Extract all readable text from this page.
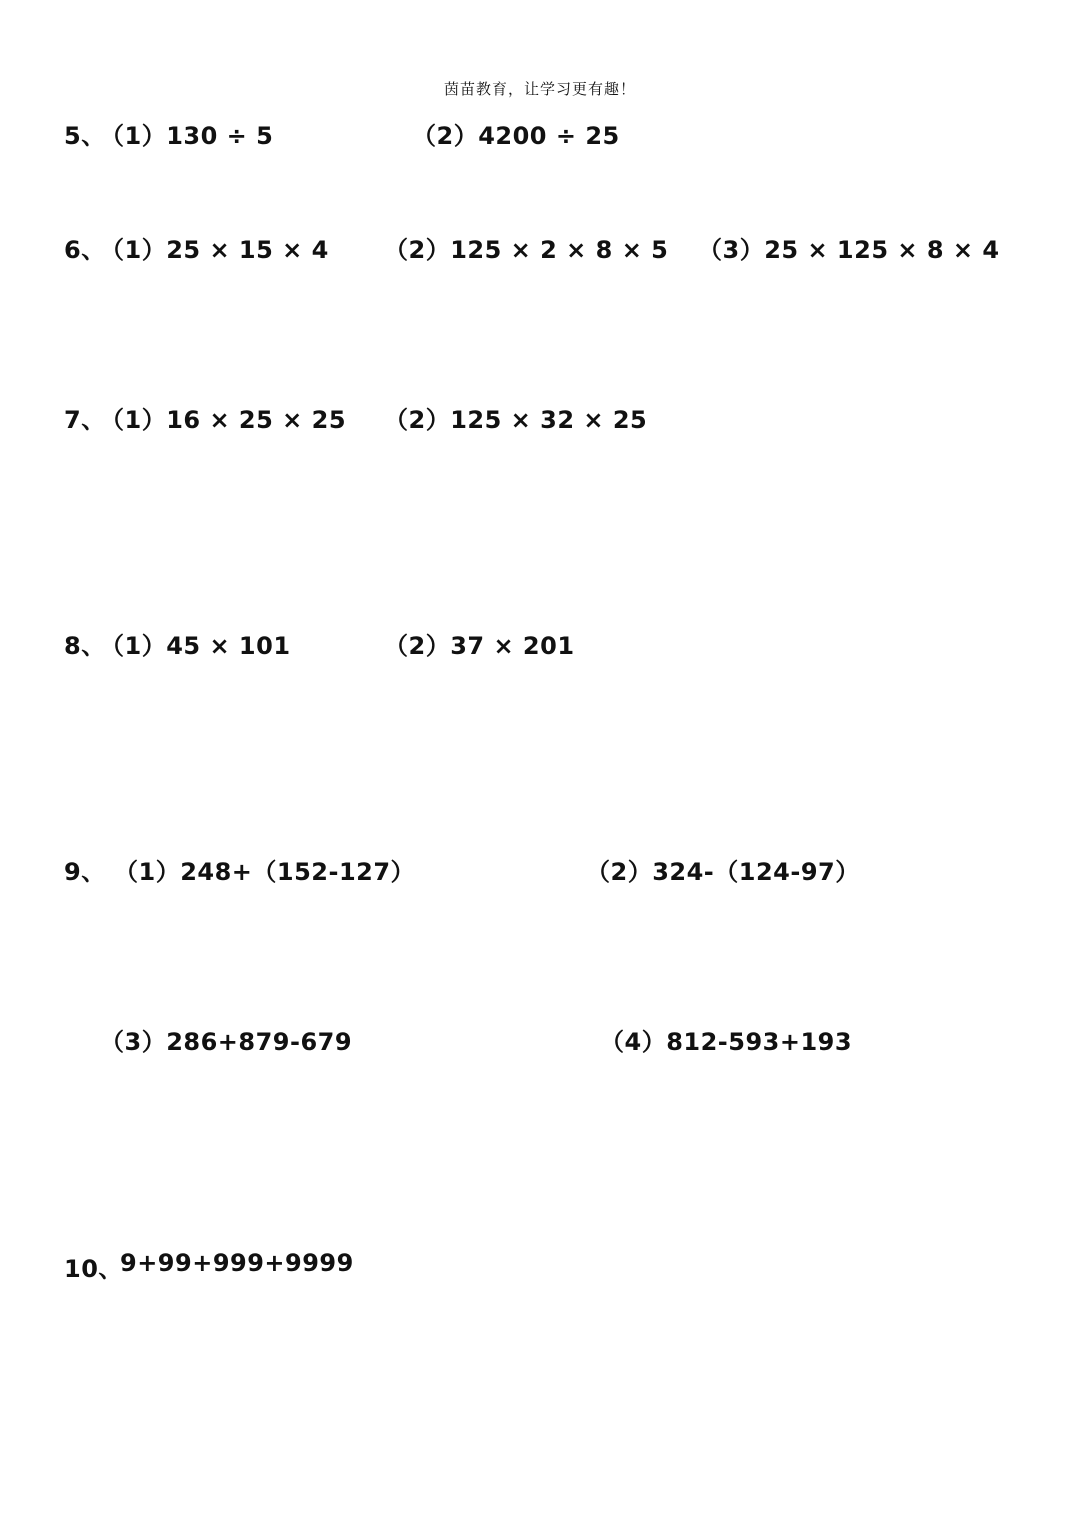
茵苗教育，让学习更有趣！
5、
（1）130 ÷ 5	（2）4200 ÷ 25
6、
（1）25 × 15 × 4 （2）125 × 2 × 8 × 5 （3）25 × 125 × 8 × 4
7、
（1）16 × 25 × 25 （2）125 × 32 × 25
8、
（1）45 × 101	（2）37 × 201
9、 （1）248+（152-127）	（2）324-（124-97）
（3）286+879-679	（4）812-593+193
10、
9+99+999+9999
